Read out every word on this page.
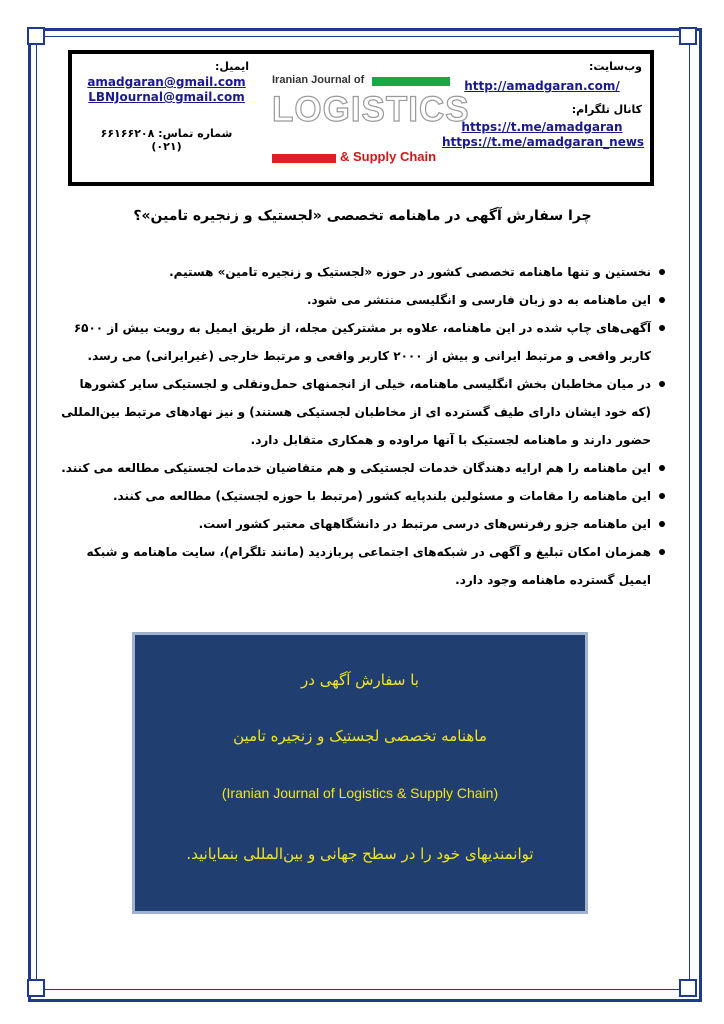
وب‌سایت:
http://amadgaran.com/
کانال تلگرام:
https://t.me/amadgaran
https://t.me/amadgaran_news
Iranian Journal of
LOGISTICS
& Supply Chain
ایمیل:
amadgaran@gmail.com
LBNJournal@gmail.com
شماره تماس: ۶۶۱۶۶۲۰۸ (۰۲۱)
چرا سفارش آگهی در ماهنامه تخصصی «لجستیک و زنجیره تامین»؟
نخستین و تنها ماهنامه تخصصی کشور در حوزه «لجستیک و زنجیره تامین» هستیم.
این ماهنامه به دو زبان فارسی و انگلیسی منتشر می شود.
آگهی‌های چاپ شده در این ماهنامه، علاوه بر مشترکین مجله، از طریق ایمیل به رویت بیش از ۶۵۰۰ کاربر واقعی و مرتبط ایرانی و بیش از ۲۰۰۰ کاربر واقعی و مرتبط خارجی (غیرایرانی) می رسد.
در میان مخاطبان بخش انگلیسی ماهنامه، خیلی از انجمنهای حمل‌ونقلی و لجستیکی سایر کشورها (که خود ایشان دارای طیف گسترده ای از مخاطبان لجستیکی هستند) و نیز نهادهای مرتبط بین‌المللی حضور دارند و ماهنامه لجستیک با آنها مراوده و همکاری متقابل دارد.
این ماهنامه را هم ارایه دهندگان خدمات لجستیکی و هم متقاضیان خدمات لجستیکی مطالعه می کنند.
این ماهنامه را مقامات و مسئولین بلندپایه کشور (مرتبط با حوزه لجستیک) مطالعه می کنند.
این ماهنامه جزو رفرنس‌های درسی مرتبط در دانشگاههای معتبر کشور است.
همزمان امکان تبلیغ و آگهی در شبکه‌های اجتماعی پربازدید (مانند تلگرام)، سایت ماهنامه و شبکه ایمیل گسترده ماهنامه وجود دارد.
با سفارش آگهی در
ماهنامه تخصصی لجستیک و زنجیره تامین
(Iranian Journal of Logistics & Supply Chain)
توانمندیهای خود را در سطح جهانی و بین‌المللی بنمایانید.
